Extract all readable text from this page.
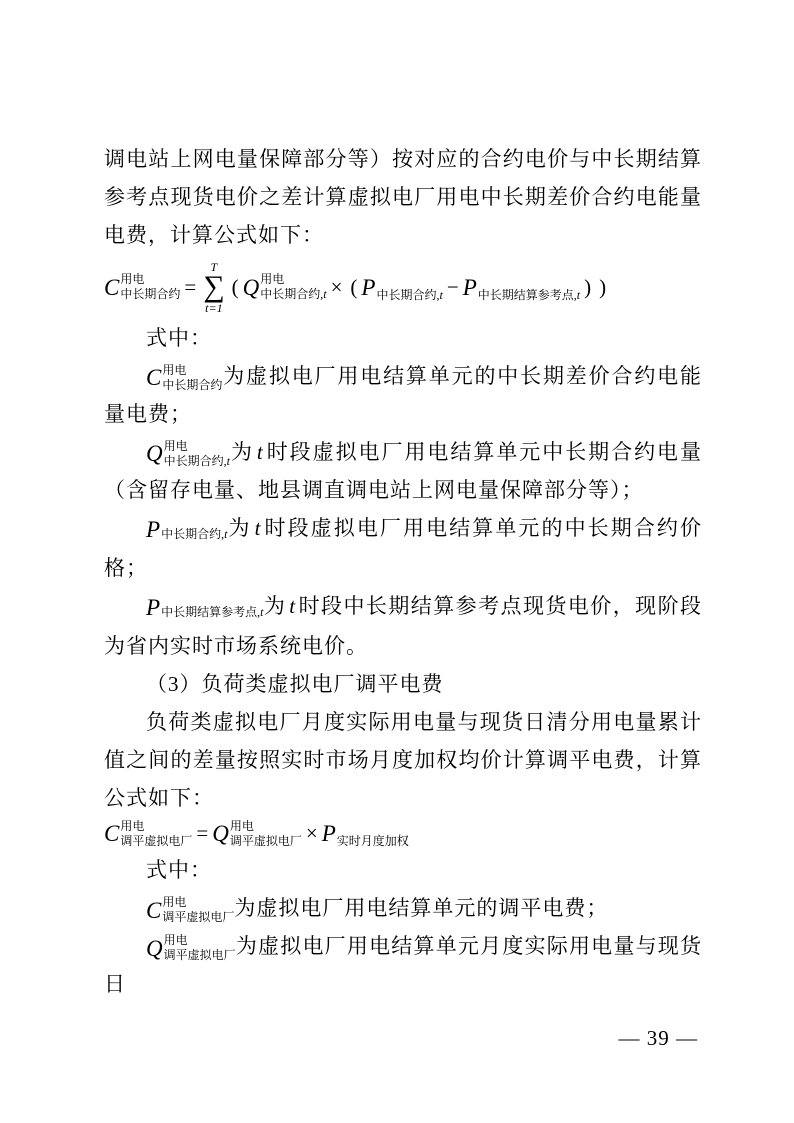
调电站上网电量保障部分等）按对应的合约电价与中长期结算参考点现货电价之差计算虚拟电厂用电中长期差价合约电能量电费，计算公式如下：

C 用电
中长期合约 =
T
∑
t=1
( Q 用电
中长期合约,t × ( P 中长期合约,t − P 中长期结算参考点,t ) )

式中：

C 用电
中长期合约 为虚拟电厂用电结算单元的中长期差价合约电能量电费；

Q 用电
中长期合约,t 为 t 时段虚拟电厂用电结算单元中长期合约电量（含留存电量、地县调直调电站上网电量保障部分等）；

P 中长期合约,t 为 t 时段虚拟电厂用电结算单元的中长期合约价格；

P 中长期结算参考点,t 为 t 时段中长期结算参考点现货电价，现阶段为省内实时市场系统电价。

（3）负荷类虚拟电厂调平电费

负荷类虚拟电厂月度实际用电量与现货日清分用电量累计值之间的差量按照实时市场月度加权均价计算调平电费，计算公式如下：

C 用电
调平虚拟电厂 = Q 用电
调平虚拟电厂 × P 实时月度加权

式中：

C 用电
调平虚拟电厂 为虚拟电厂用电结算单元的调平电费；

Q 用电
调平虚拟电厂 为虚拟电厂用电结算单元月度实际用电量与现货日

— 39 —
